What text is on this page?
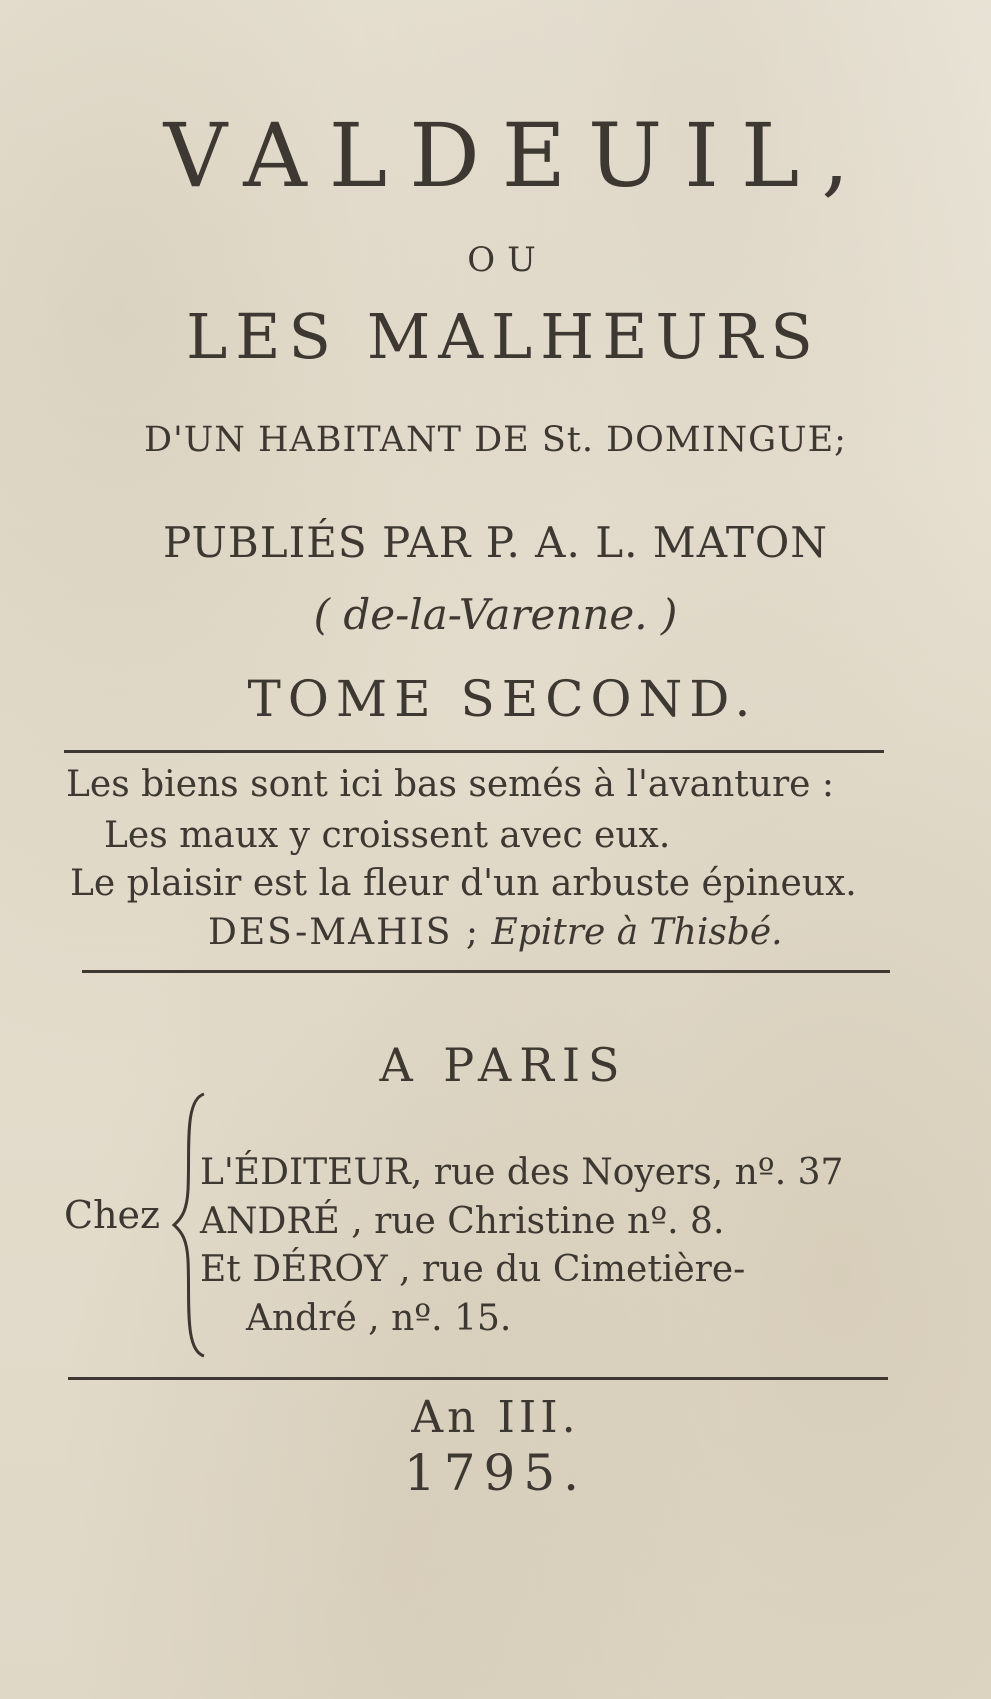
VALDEUIL,
OU
LES MALHEURS
D'UN HABITANT DE St. DOMINGUE;
PUBLIÉS PAR P. A. L. MATON
( de-la-Varenne. )
TOME SECOND.
Les biens sont ici bas semés à l'avanture :
Les maux y croissent avec eux.
Le plaisir est la fleur d'un arbuste épineux.
DES-MAHIS ; Epitre à Thisbé.
A PARIS
Chez
L'ÉDITEUR, rue des Noyers, nº. 37
ANDRÉ , rue Christine nº. 8.
Et DÉROY , rue du Cimetière-
André , nº. 15.
An III.
1795.
